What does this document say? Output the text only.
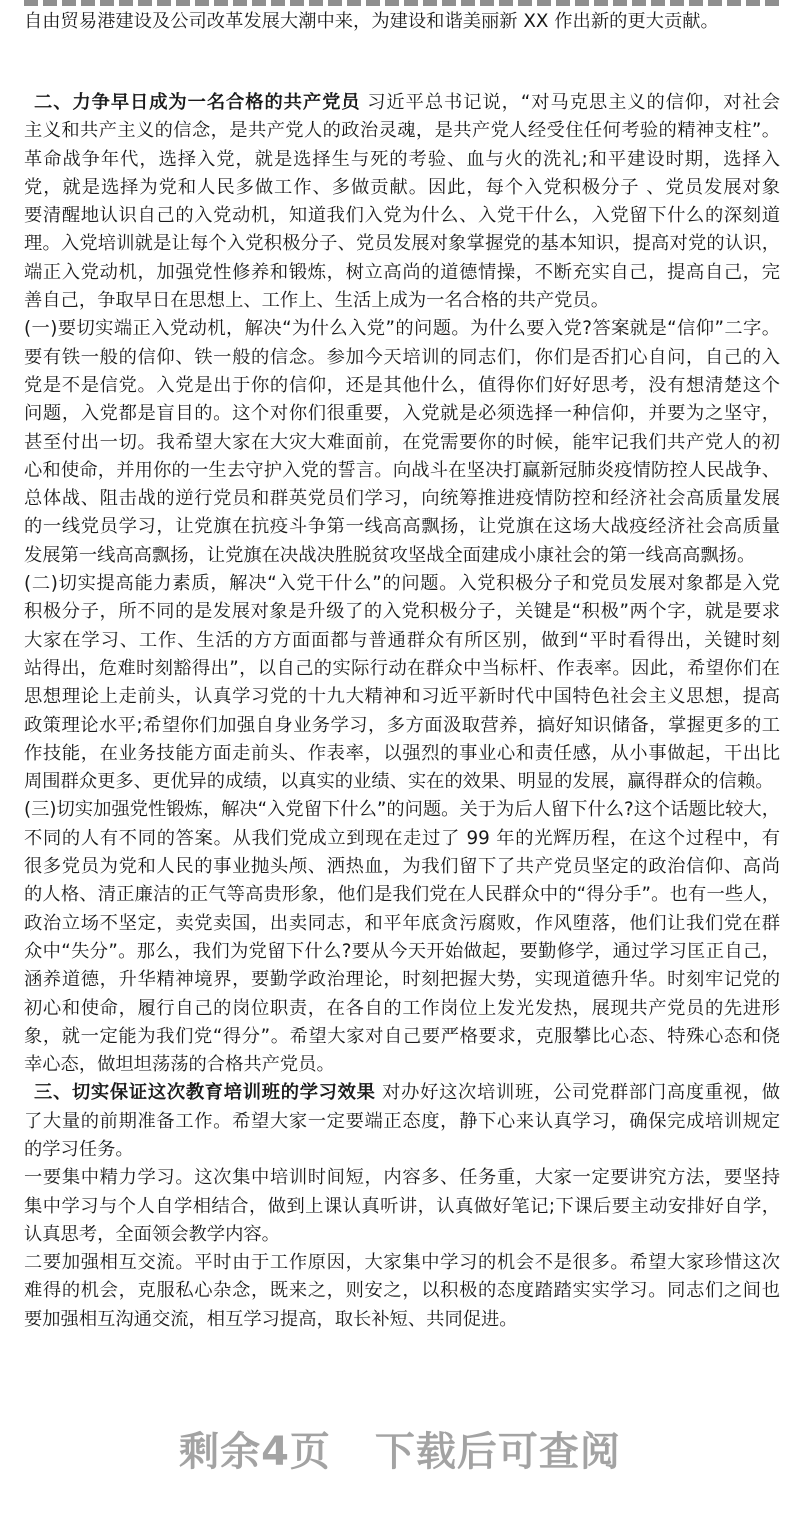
自由贸易港建设及公司改革发展大潮中来，为建设和谐美丽新 XX 作出新的更大贡献。
二、力争早日成为一名合格的共产党员 习近平总书记说，“对马克思主义的信仰，对社会
主义和共产主义的信念，是共产党人的政治灵魂，是共产党人经受住任何考验的精神支柱”。
革命战争年代，选择入党，就是选择生与死的考验、血与火的洗礼;和平建设时期，选择入
党，就是选择为党和人民多做工作、多做贡献。因此，每个入党积极分子 、党员发展对象
要清醒地认识自己的入党动机，知道我们入党为什么、入党干什么，入党留下什么的深刻道
理。入党培训就是让每个入党积极分子、党员发展对象掌握党的基本知识，提高对党的认识，
端正入党动机，加强党性修养和锻炼，树立高尚的道德情操，不断充实自己，提高自己，完
善自己，争取早日在思想上、工作上、生活上成为一名合格的共产党员。
(一)要切实端正入党动机，解决“为什么入党”的问题。为什么要入党?答案就是“信仰”二字。
要有铁一般的信仰、铁一般的信念。参加今天培训的同志们，你们是否扪心自问，自己的入
党是不是信党。入党是出于你的信仰，还是其他什么，值得你们好好思考，没有想清楚这个
问题，入党都是盲目的。这个对你们很重要，入党就是必须选择一种信仰，并要为之坚守，
甚至付出一切。我希望大家在大灾大难面前，在党需要你的时候，能牢记我们共产党人的初
心和使命，并用你的一生去守护入党的誓言。向战斗在坚决打赢新冠肺炎疫情防控人民战争、
总体战、阻击战的逆行党员和群英党员们学习，向统筹推进疫情防控和经济社会高质量发展
的一线党员学习，让党旗在抗疫斗争第一线高高飘扬，让党旗在这场大战疫经济社会高质量
发展第一线高高飘扬，让党旗在决战决胜脱贫攻坚战全面建成小康社会的第一线高高飘扬。
(二)切实提高能力素质，解决“入党干什么”的问题。入党积极分子和党员发展对象都是入党
积极分子，所不同的是发展对象是升级了的入党积极分子，关键是“积极”两个字，就是要求
大家在学习、工作、生活的方方面面都与普通群众有所区别，做到“平时看得出，关键时刻
站得出，危难时刻豁得出”，以自己的实际行动在群众中当标杆、作表率。因此，希望你们在
思想理论上走前头，认真学习党的十九大精神和习近平新时代中国特色社会主义思想，提高
政策理论水平;希望你们加强自身业务学习，多方面汲取营养，搞好知识储备，掌握更多的工
作技能，在业务技能方面走前头、作表率，以强烈的事业心和责任感，从小事做起，干出比
周围群众更多、更优异的成绩，以真实的业绩、实在的效果、明显的发展，赢得群众的信赖。
(三)切实加强党性锻炼，解决“入党留下什么”的问题。关于为后人留下什么?这个话题比较大，
不同的人有不同的答案。从我们党成立到现在走过了 99 年的光辉历程，在这个过程中，有
很多党员为党和人民的事业抛头颅、洒热血，为我们留下了共产党员坚定的政治信仰、高尚
的人格、清正廉洁的正气等高贵形象，他们是我们党在人民群众中的“得分手”。也有一些人，
政治立场不坚定，卖党卖国，出卖同志，和平年底贪污腐败，作风堕落，他们让我们党在群
众中“失分”。那么，我们为党留下什么?要从今天开始做起，要勤修学，通过学习匡正自己，
涵养道德，升华精神境界，要勤学政治理论，时刻把握大势，实现道德升华。时刻牢记党的
初心和使命，履行自己的岗位职责，在各自的工作岗位上发光发热，展现共产党员的先进形
象，就一定能为我们党“得分”。希望大家对自己要严格要求，克服攀比心态、特殊心态和侥
幸心态，做坦坦荡荡的合格共产党员。
三、切实保证这次教育培训班的学习效果 对办好这次培训班，公司党群部门高度重视，做
了大量的前期准备工作。希望大家一定要端正态度，静下心来认真学习，确保完成培训规定
的学习任务。
一要集中精力学习。这次集中培训时间短，内容多、任务重，大家一定要讲究方法，要坚持
集中学习与个人自学相结合，做到上课认真听讲，认真做好笔记;下课后要主动安排好自学，
认真思考，全面领会教学内容。
二要加强相互交流。平时由于工作原因，大家集中学习的机会不是很多。希望大家珍惜这次
难得的机会，克服私心杂念，既来之，则安之，以积极的态度踏踏实实学习。同志们之间也
要加强相互沟通交流，相互学习提高，取长补短、共同促进。
剩余4页 下载后可查阅
